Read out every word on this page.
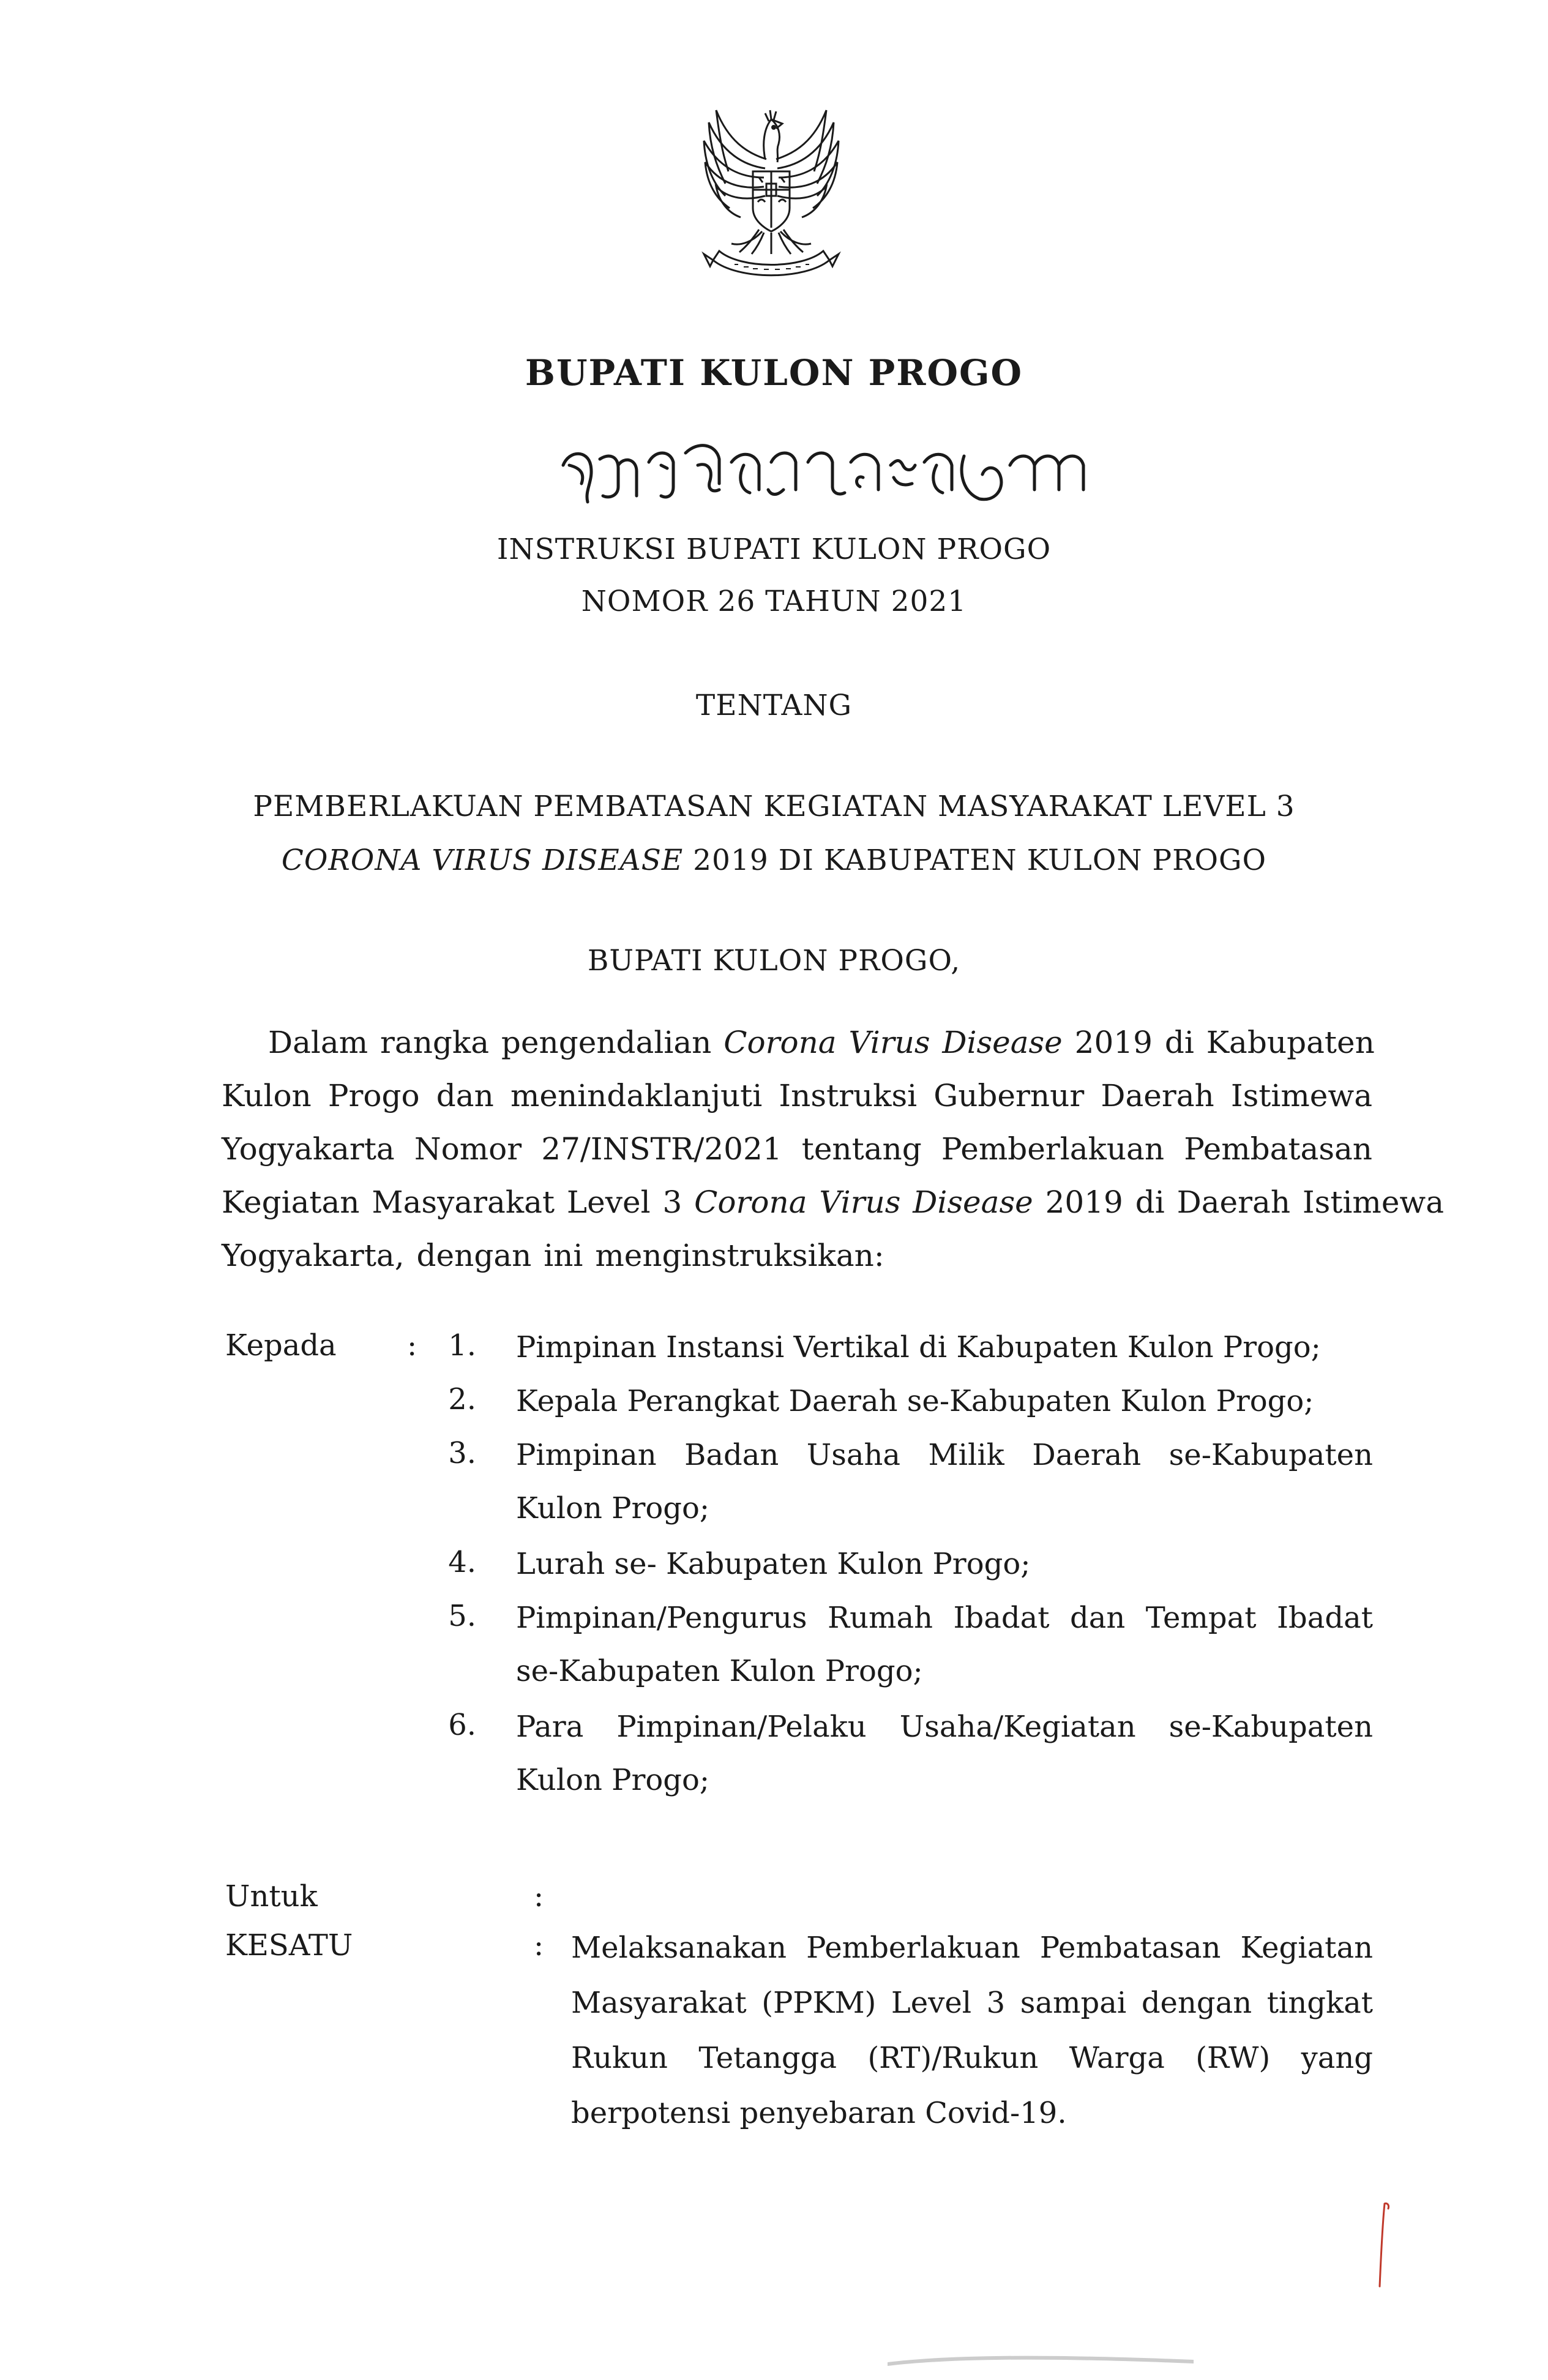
BUPATI KULON PROGO
INSTRUKSI BUPATI KULON PROGO
NOMOR 26 TAHUN 2021
TENTANG
PEMBERLAKUAN PEMBATASAN KEGIATAN MASYARAKAT LEVEL 3
CORONA VIRUS DISEASE 2019 DI KABUPATEN KULON PROGO
BUPATI KULON PROGO,
Dalam rangka pengendalian Corona Virus Disease 2019 di Kabupaten
Kulon Progo dan menindaklanjuti Instruksi Gubernur Daerah Istimewa
Yogyakarta Nomor 27/INSTR/2021 tentang Pemberlakuan Pembatasan
Kegiatan Masyarakat Level 3 Corona Virus Disease 2019 di Daerah Istimewa
Yogyakarta, dengan ini menginstruksikan:
Kepada : 1. Pimpinan Instansi Vertikal di Kabupaten Kulon Progo;
2. Kepala Perangkat Daerah se-Kabupaten Kulon Progo;
3. Pimpinan Badan Usaha Milik Daerah se-Kabupaten
Kulon Progo;
4. Lurah se- Kabupaten Kulon Progo;
5. Pimpinan/Pengurus Rumah Ibadat dan Tempat Ibadat
se-Kabupaten Kulon Progo;
6. Para Pimpinan/Pelaku Usaha/Kegiatan se-Kabupaten
Kulon Progo;
Untuk	:
KESATU	: Melaksanakan Pemberlakuan Pembatasan Kegiatan
Masyarakat (PPKM) Level 3 sampai dengan tingkat
Rukun Tetangga (RT)/Rukun Warga (RW) yang
berpotensi penyebaran Covid-19.
